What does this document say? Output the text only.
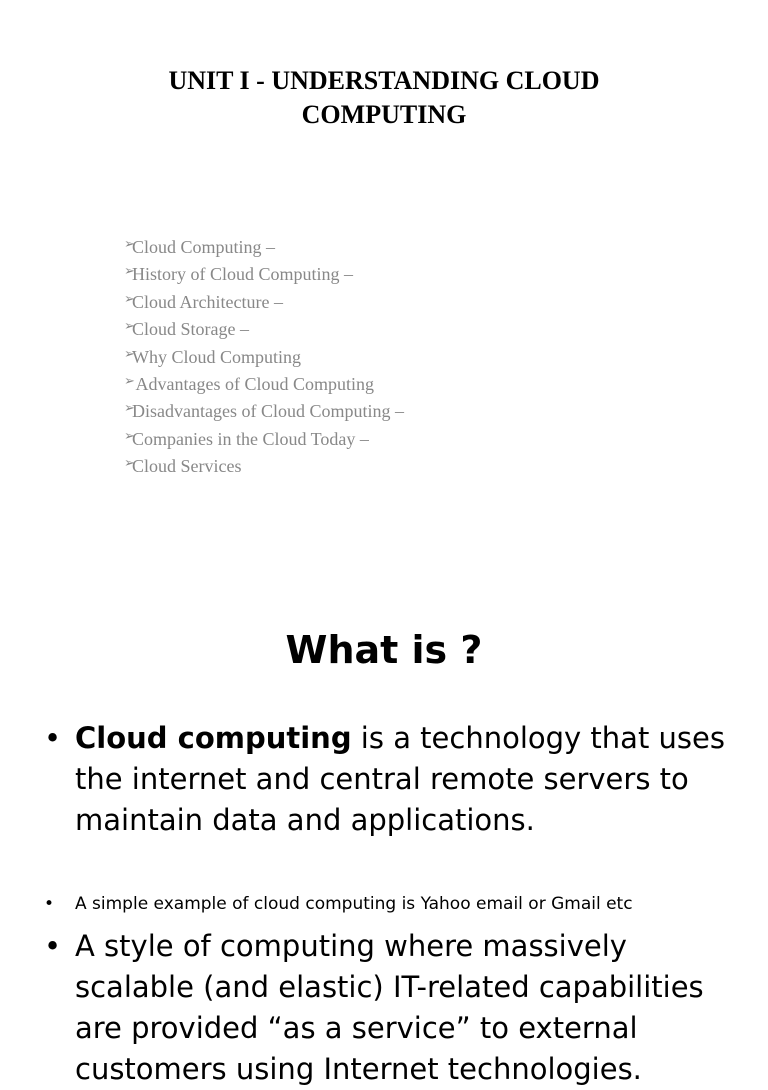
UNIT I - UNDERSTANDING CLOUD
COMPUTING
➢
Cloud Computing –
➢
History of Cloud Computing –
➢
Cloud Architecture –
➢
Cloud Storage –
➢
Why Cloud Computing
➢
Advantages of Cloud Computing
➢
Disadvantages of Cloud Computing –
➢
Companies in the Cloud Today –
➢
Cloud Services
What is ?
• Cloud computing is a technology that uses the internet and central remote servers to maintain data and applications.
• A simple example of cloud computing is Yahoo email or Gmail etc
• A style of computing where massively scalable (and elastic) IT-related capabilities are provided “as a service” to external customers using Internet technologies.
